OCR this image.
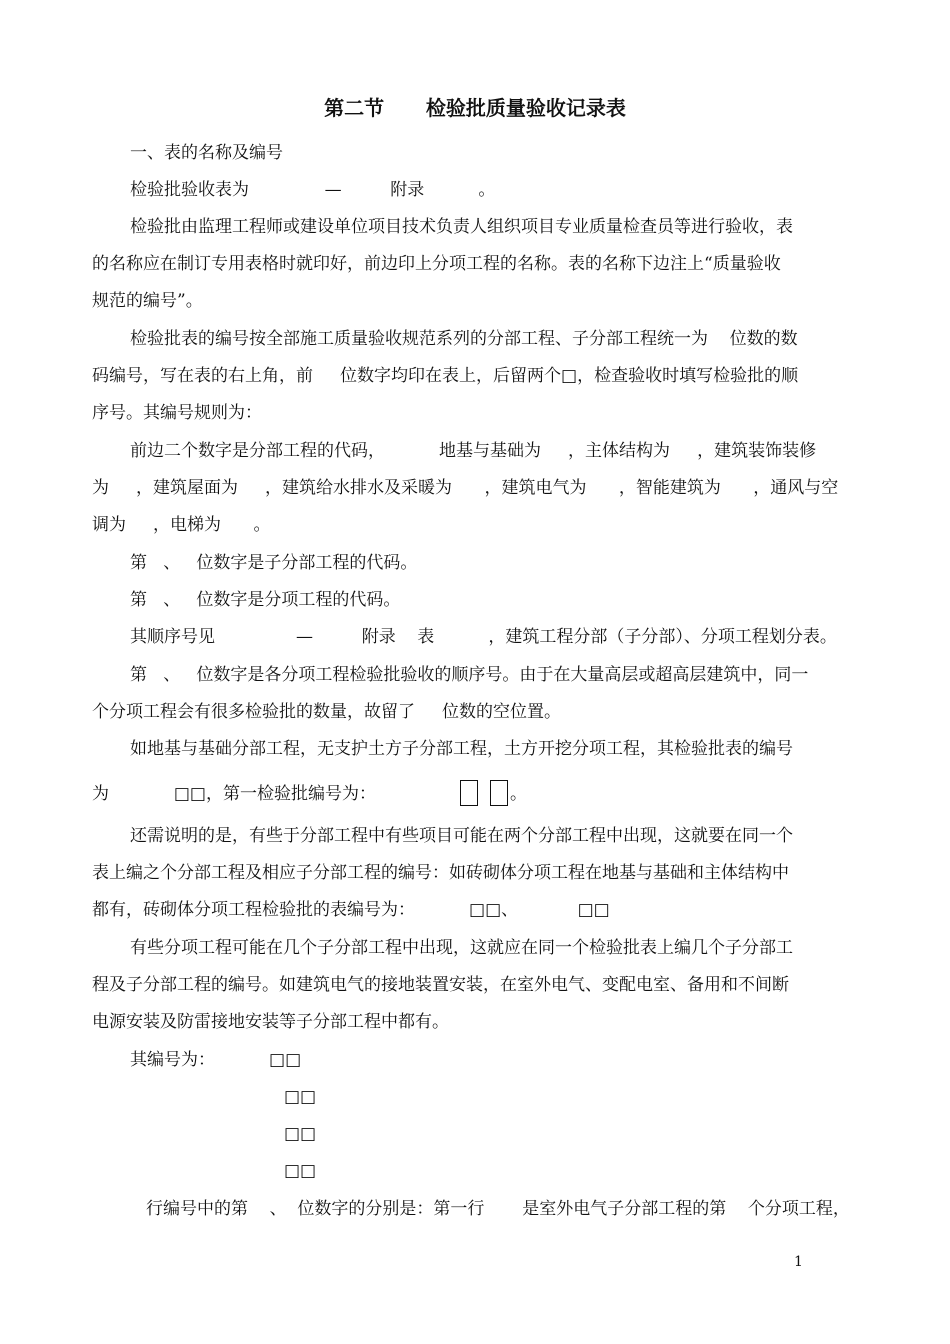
第二节      检验批质量验收记录表
一、表的名称及编号
检验批验收表为              —         附录          。
检验批由监理工程师或建设单位项目技术负责人组织项目专业质量检查员等进行验收，表
的名称应在制订专用表格时就印好，前边印上分项工程的名称。表的名称下边注上“质量验收
规范的编号”。
检验批表的编号按全部施工质量验收规范系列的分部工程、子分部工程统一为    位数的数
码编号，写在表的右上角，前     位数字均印在表上，后留两个□，检查验收时填写检验批的顺
序号。其编号规则为：
前边二个数字是分部工程的代码，          地基与基础为     ，主体结构为     ，建筑装饰装修
为     ，建筑屋面为     ，建筑给水排水及采暖为      ，建筑电气为      ，智能建筑为      ，通风与空
调为     ，电梯为      。
第   、   位数字是子分部工程的代码。
第   、   位数字是分项工程的代码。
其顺序号见               —         附录    表          ，建筑工程分部（子分部）、分项工程划分表。
第   、   位数字是各分项工程检验批验收的顺序号。由于在大量高层或超高层建筑中，同一
个分项工程会有很多检验批的数量，故留了     位数的空位置。
如地基与基础分部工程，无支护土方子分部工程，土方开挖分项工程，其检验批表的编号
为            □□，第一检验批编号为：	。
还需说明的是，有些于分部工程中有些项目可能在两个分部工程中出现，这就要在同一个
表上编之个分部工程及相应子分部工程的编号：如砖砌体分项工程在地基与基础和主体结构中
都有，砖砌体分项工程检验批的表编号为：          □□、           □□
有些分项工程可能在几个子分部工程中出现，这就应在同一个检验批表上编几个子分部工
程及子分部工程的编号。如建筑电气的接地装置安装，在室外电气、变配电室、备用和不间断
电源安装及防雷接地安装等子分部工程中都有。
其编号为：          □□
□□
□□
□□
行编号中的第    、  位数字的分别是：第一行       是室外电气子分部工程的第    个分项工程，
1
